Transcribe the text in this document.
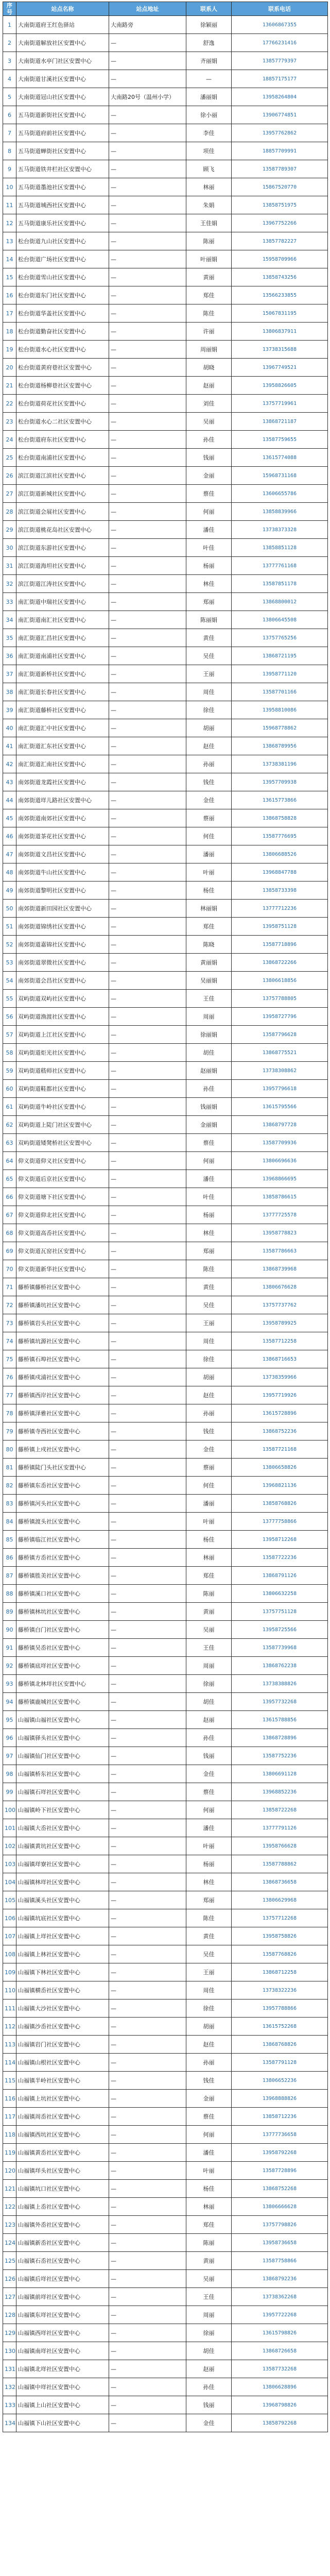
序号	站点名称	站点地址	联系人	联系电话
1	大南街道府王红色驿站	大南路旁	徐颖丽	13606867355
2	大南街道解放社区安置中心	—	舒逸	17766231416
3	大南街道水亭门社区安置中心	—	齐丽娟	13857779397
4	大南街道甘溪社区安置中心	—	—	18857175177
5	大南街道冠山社区安置中心	大南路20号（温州小学）	潘丽娟	13958264804
6	五马街道新街社区安置中心	—	徐小丽	13906774851
7	五马街道府前社区安置中心	—	李佳	13957762862
8	五马街道蝉街社区安置中心	—	项佳	18857709991
9	五马街道铁井栏社区安置中心	—	顾飞	13587789307
10	五马街道墨池社区安置中心	—	林丽	15867520770
11	五马街道城西社区安置中心	—	朱娟	13858751975
12	五马街道康乐社区安置中心	—	王佳娟	13967752266
13	松台街道九山社区安置中心	—	陈丽	13857782227
14	松台街道广场社区安置中心	—	叶丽娟	15958709966
15	松台街道雪山社区安置中心	—	黄丽	13858743256
16	松台街道东门社区安置中心	—	郑佳	13566233855
17	松台街道华盖社区安置中心	—	陈佳	15067831195
18	松台街道勤奋社区安置中心	—	许丽	13806837911
19	松台街道水心社区安置中心	—	周丽娟	13738315688
20	松台街道黄府巷社区安置中心	—	胡晓	13967749521
21	松台街道杨柳巷社区安置中心	—	赵丽	13958826605
22	松台街道荷花社区安置中心	—	刘佳	13757719961
23	松台街道水心二社区安置中心	—	吴丽	13868721187
24	松台街道府东社区安置中心	—	孙佳	13587759655
25	松台街道南浦社区安置中心	—	钱丽	13615774088
26	滨江街道江滨社区安置中心	—	金丽	15968731168
27	滨江街道新城社区安置中心	—	蔡佳	13606655786
28	滨江街道会展社区安置中心	—	何丽	13858839966
29	滨江街道桃花岛社区安置中心	—	潘佳	13738373328
30	滨江街道东游社区安置中心	—	叶佳	13858851128
31	滨江街道海坦社区安置中心	—	杨丽	13777761168
32	滨江街道江涛社区安置中心	—	林佳	13587851178
33	南汇街道中瑞社区安置中心	—	郑丽	13868800012
34	南汇街道南汇社区安置中心	—	陈丽娟	13806645508
35	南汇街道汇昌社区安置中心	—	黄佳	13757765256
36	南汇街道南浦社区安置中心	—	吴佳	13868721195
37	南汇街道新桥社区安置中心	—	王丽	13958771120
38	南汇街道长春社区安置中心	—	周佳	13587701166
39	南汇街道藤桥社区安置中心	—	徐佳	13958810086
40	南汇街道汇中社区安置中心	—	胡丽	15968778862
41	南汇街道汇东社区安置中心	—	赵佳	13868789956
42	南汇街道汇南社区安置中心	—	孙丽	13738381196
43	南郊街道龙霞社区安置中心	—	钱佳	13957709938
44	南郊街道垟儿路社区安置中心	—	金佳	13615773866
45	南郊街道南郊社区安置中心	—	蔡丽	13868758828
46	南郊街道茶花社区安置中心	—	何佳	13587776695
47	南郊街道文昌社区安置中心	—	潘丽	13806688526
48	南郊街道牛山社区安置中心	—	叶丽	13968847788
49	南郊街道黎明社区安置中心	—	杨佳	13858733398
50	南郊街道新田园社区安置中心	—	林丽娟	13777712236
51	南郊街道锦绣社区安置中心	—	郑佳	13958751128
52	南郊街道嘉锦社区安置中心	—	陈晓	13587718896
53	南郊街道翠微社区安置中心	—	黄丽娟	13868722266
54	南郊街道会昌社区安置中心	—	吴丽娟	13806618856
55	双屿街道双屿社区安置中心	—	王佳	13757788805
56	双屿街道渔渡社区安置中心	—	周丽	13958727796
57	双屿街道上江社区安置中心	—	徐丽娟	13587796628
58	双屿街道炬光社区安置中心	—	胡佳	13868775521
59	双屿街道嵇师社区安置中心	—	赵丽娟	13738308862
60	双屿街道鞋都社区安置中心	—	孙佳	13957796618
61	双屿街道牛岭社区安置中心	—	钱丽娟	13615795566
62	双屿街道上陡门社区安置中心	—	金丽娟	13868797728
63	双屿街道矮凳桥社区安置中心	—	蔡佳	13587709936
64	仰义街道仰义社区安置中心	—	何丽	13806696636
65	仰义街道后京社区安置中心	—	潘佳	13968866695
66	仰义街道塘下社区安置中心	—	叶佳	13858786615
67	仰义街道仰北社区安置中心	—	杨丽	13777725578
68	仰义街道高岙社区安置中心	—	林佳	13958778823
69	仰义街道瓦窑社区安置中心	—	郑丽	13587786663
70	仰义街道新华社区安置中心	—	陈佳	13868739968
71	藤桥镇藤桥社区安置中心	—	黄佳	13806676628
72	藤桥镇潘坑社区安置中心	—	吴佳	13757737762
73	藤桥镇岩头社区安置中心	—	王丽	13958789925
74	藤桥镇坑源社区安置中心	—	周佳	13587712258
75	藤桥镇石埠社区安置中心	—	徐佳	13868716653
76	藤桥镇戍浦社区安置中心	—	胡丽	13738359966
77	藤桥镇西岸社区安置中心	—	赵佳	13957719926
78	藤桥镇泽雅社区安置中心	—	孙丽	13615728896
79	藤桥镇寺西社区安置中心	—	钱佳	13868752236
80	藤桥镇上戍社区安置中心	—	金佳	13587721168
81	藤桥镇陡门头社区安置中心	—	蔡丽	13806658826
82	藤桥镇东岙社区安置中心	—	何佳	13968821136
83	藤桥镇河头社区安置中心	—	潘丽	13858768826
84	藤桥镇渡头社区安置中心	—	叶丽	13777758866
85	藤桥镇临江社区安置中心	—	杨佳	13958712268
86	藤桥镇方岙社区安置中心	—	林丽	13587722236
87	藤桥镇胜美社区安置中心	—	郑佳	13868791126
88	藤桥镇溪口社区安置中心	—	陈丽	13806632258
89	藤桥镇林坑社区安置中心	—	黄丽	13757751128
90	藤桥镇白门社区安置中心	—	吴丽	13958725566
91	藤桥镇吴岙社区安置中心	—	王佳	13587739968
92	藤桥镇底垟社区安置中心	—	周丽	13868762238
93	藤桥镇北林垟社区安置中心	—	徐丽	13738388826
94	藤桥镇鹿城社区安置中心	—	胡佳	13957732268
95	山福镇山福社区安置中心	—	赵丽	13615788856
96	山福镇驿头社区安置中心	—	孙佳	13868728896
97	山福镇仙门社区安置中心	—	钱丽	13587752236
98	山福镇桥东社区安置中心	—	金佳	13806691128
99	山福镇石垟社区安置中心	—	蔡佳	13968852236
100	山福镇岭下社区安置中心	—	何丽	13858722268
101	山福镇大岙社区安置中心	—	潘佳	13777791126
102	山福镇黄坑社区安置中心	—	叶丽	13958766628
103	山福镇垟寮社区安置中心	—	杨丽	13587788862
104	山福镇林垟社区安置中心	—	林佳	13868736658
105	山福镇溪头社区安置中心	—	郑丽	13806629968
106	山福镇坑底社区安置中心	—	陈佳	13757712268
107	山福镇上垟社区安置中心	—	黄佳	13958758826
108	山福镇上林社区安置中心	—	吴佳	13587768826
109	山福镇下林社区安置中心	—	王丽	13868712258
110	山福镇横岙社区安置中心	—	周佳	13738322236
111	山福镇大沙社区安置中心	—	徐佳	13957788866
112	山福镇沙岙社区安置中心	—	胡丽	13615752268
113	山福镇岩门社区安置中心	—	赵佳	13868768826
114	山福镇山根社区安置中心	—	孙丽	13587791128
115	山福镇半岭社区安置中心	—	钱佳	13806652236
116	山福镇上坑社区安置中心	—	金丽	13968888826
117	山福镇周岙社区安置中心	—	蔡佳	13858712236
118	山福镇西坑社区安置中心	—	何丽	13777736658
119	山福镇黄岙社区安置中心	—	潘佳	13958792268
120	山福镇垟头社区安置中心	—	叶丽	13587728896
121	山福镇坑口社区安置中心	—	杨佳	13868752268
122	山福镇上岙社区安置中心	—	林丽	13806666628
123	山福镇外岙社区安置中心	—	郑佳	13757798826
124	山福镇新岙社区安置中心	—	陈丽	13958736658
125	山福镇石岙社区安置中心	—	黄丽	13587758866
126	山福镇后垟社区安置中心	—	吴丽	13868792236
127	山福镇前垟社区安置中心	—	王佳	13738362268
128	山福镇东垟社区安置中心	—	周丽	13957722268
129	山福镇西垟社区安置中心	—	徐丽	13615798826
130	山福镇南垟社区安置中心	—	胡佳	13868726658
131	山福镇北垟社区安置中心	—	赵丽	13587732268
132	山福镇中垟社区安置中心	—	孙佳	13806628896
133	山福镇上山社区安置中心	—	钱丽	13968798826
134	山福镇下山社区安置中心	—	金佳	13858792268
